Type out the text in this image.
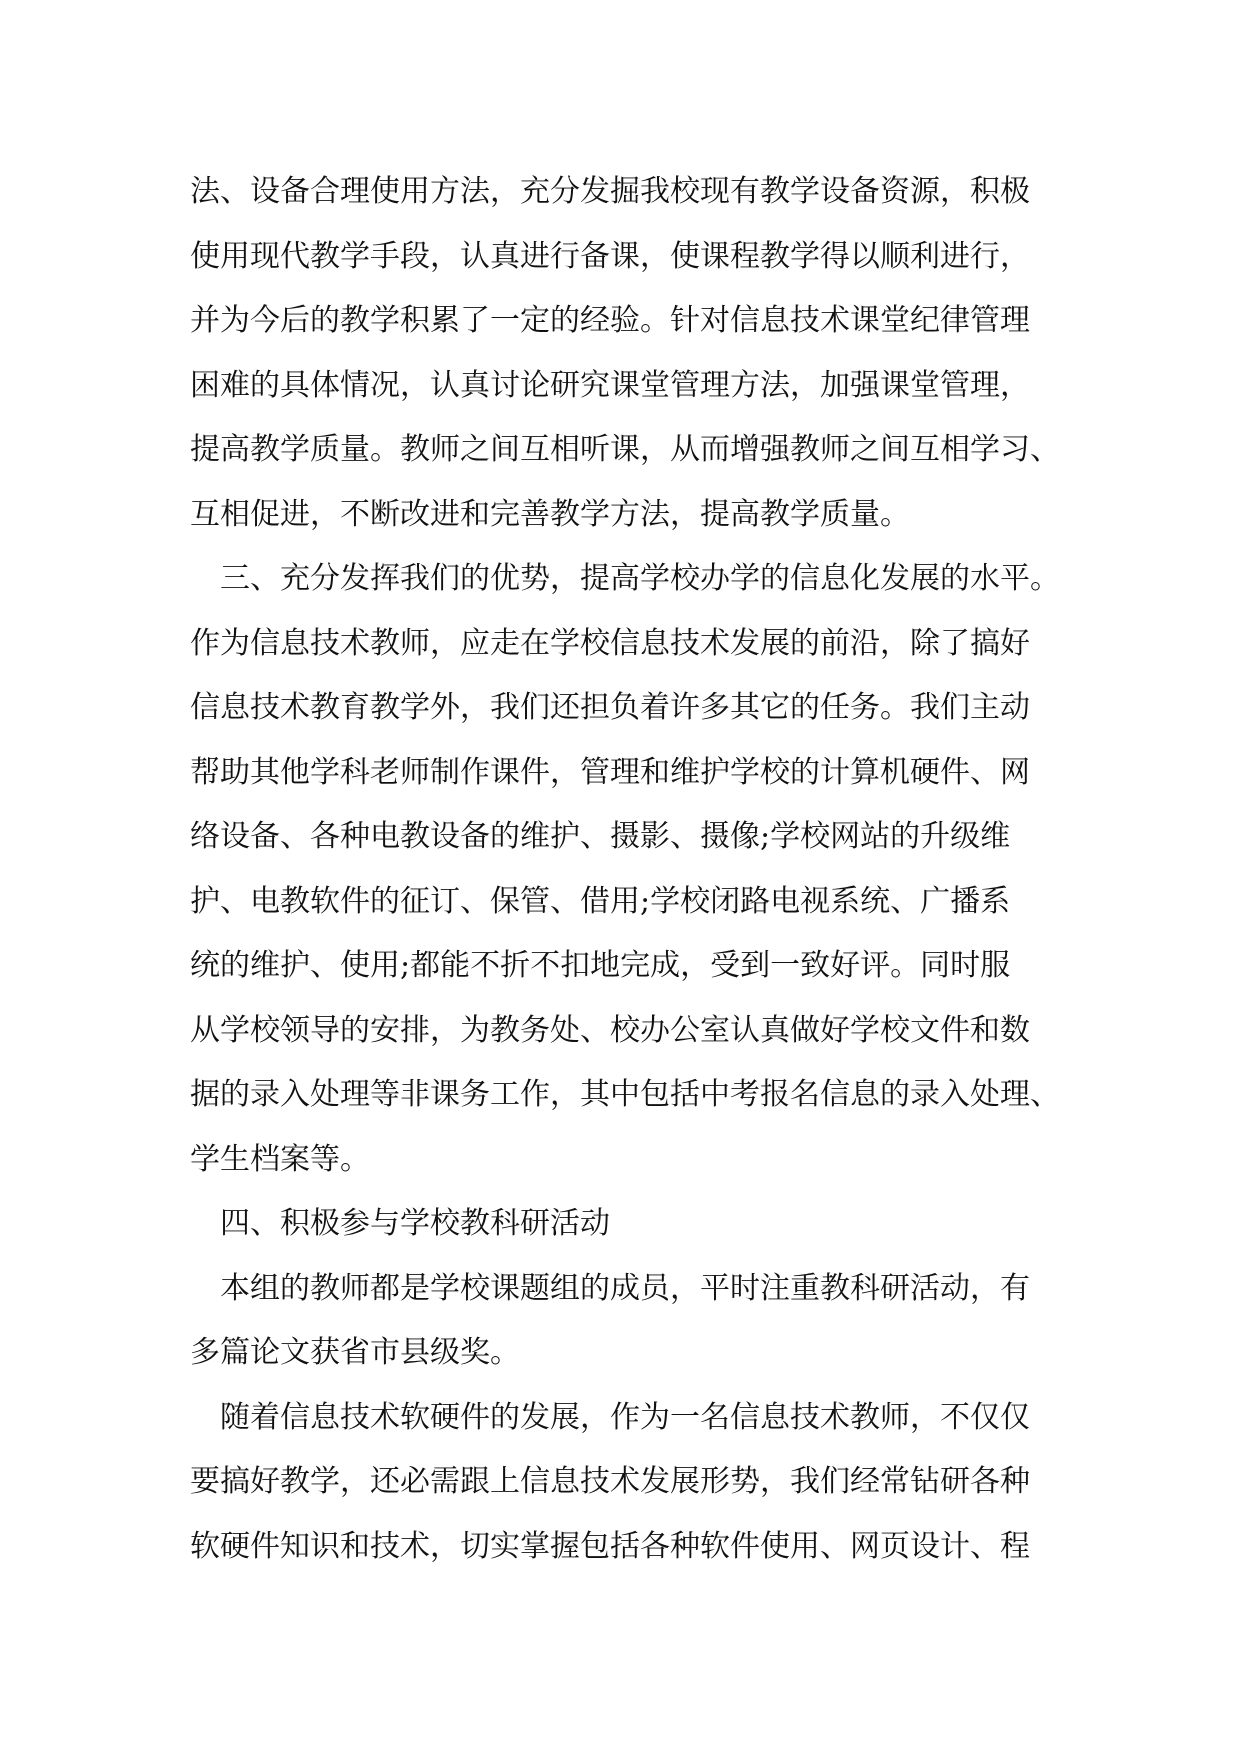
法、设备合理使用方法，充分发掘我校现有教学设备资源，积极
使用现代教学手段，认真进行备课，使课程教学得以顺利进行，
并为今后的教学积累了一定的经验。针对信息技术课堂纪律管理
困难的具体情况，认真讨论研究课堂管理方法，加强课堂管理，
提高教学质量。教师之间互相听课，从而增强教师之间互相学习、
互相促进，不断改进和完善教学方法，提高教学质量。
　三、充分发挥我们的优势，提高学校办学的信息化发展的水平。
作为信息技术教师，应走在学校信息技术发展的前沿，除了搞好
信息技术教育教学外，我们还担负着许多其它的任务。我们主动
帮助其他学科老师制作课件，管理和维护学校的计算机硬件、网
络设备、各种电教设备的维护、摄影、摄像;学校网站的升级维
护、电教软件的征订、保管、借用;学校闭路电视系统、广播系
统的维护、使用;都能不折不扣地完成，受到一致好评。同时服
从学校领导的安排，为教务处、校办公室认真做好学校文件和数
据的录入处理等非课务工作，其中包括中考报名信息的录入处理、
学生档案等。
　四、积极参与学校教科研活动
　本组的教师都是学校课题组的成员，平时注重教科研活动，有
多篇论文获省市县级奖。
　随着信息技术软硬件的发展，作为一名信息技术教师，不仅仅
要搞好教学，还必需跟上信息技术发展形势，我们经常钻研各种
软硬件知识和技术，切实掌握包括各种软件使用、网页设计、程
